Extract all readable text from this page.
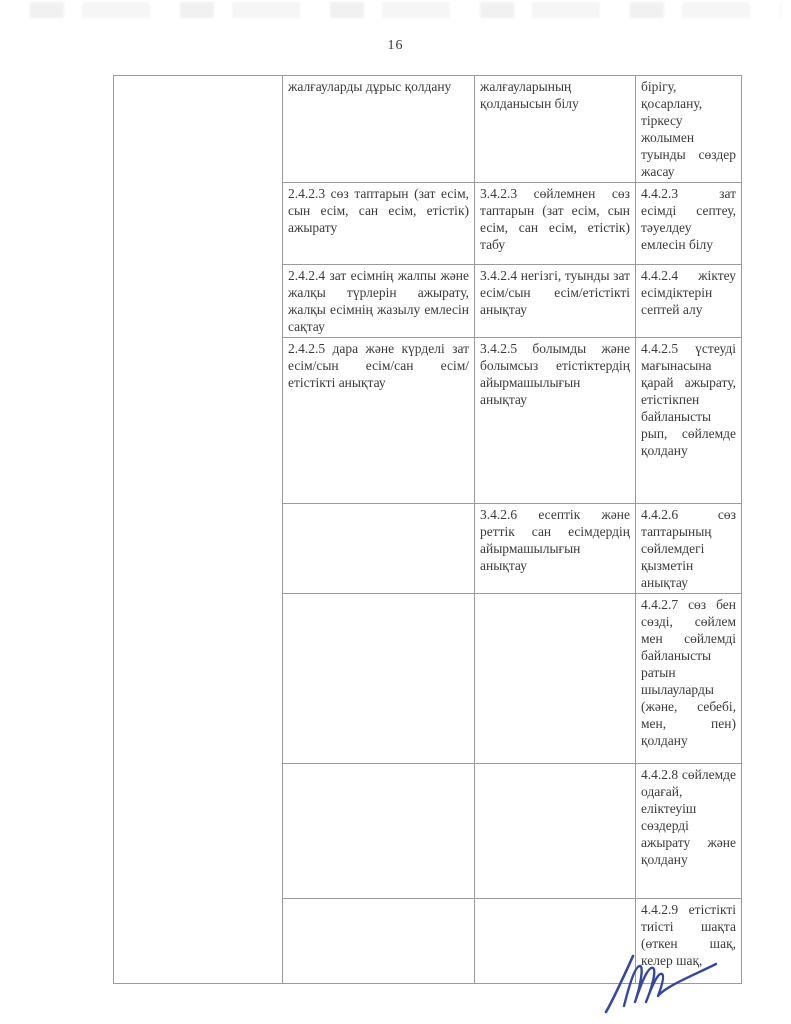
16
	жалғауларды дұрыс қолдану	жалғауларының қолданысын білу	бірігу, қосарлану, тіркесу жолымен туынды сөздер жасау
	2.4.2.3 сөз таптарын (зат есім, сын есім, сан есім, етістік) ажырату	3.4.2.3 сөйлемнен сөз таптарын (зат есім, сын есім, сан есім, етістік) табу	4.4.2.3 зат есімді септеу, тәуелдеу емлесін білу
	2.4.2.4 зат есімнің жалпы және жалқы түрлерін ажырату, жалқы есімнің жазылу емлесін сақтау	3.4.2.4 негізгі, туынды зат есім/сын есім/етістікті анықтау	4.4.2.4 жіктеу есімдіктерін септей алу
	2.4.2.5 дара және күрделі зат есім/сын есім/сан есім/ етістікті анықтау	3.4.2.5 болымды және болымсыз етістіктердің айырмашылығын анықтау	4.4.2.5 үстеуді мағынасына қарай ажырату, етістікпен байланысты рып, сөйлемде қолдану
		3.4.2.6 есептік және реттік сан есімдердің айырмашылығын анықтау	4.4.2.6 сөз таптарының сөйлемдегі қызметін анықтау
			4.4.2.7 сөз бен сөзді, сөйлем мен сөйлемді байланысты ратын шылауларды (және, себебі, мен, пен) қолдану
			4.4.2.8 сөйлемде одағай, еліктеуіш сөздерді ажырату және қолдану
			4.4.2.9 етістікті тиісті шақта (өткен шақ, келер шақ,
